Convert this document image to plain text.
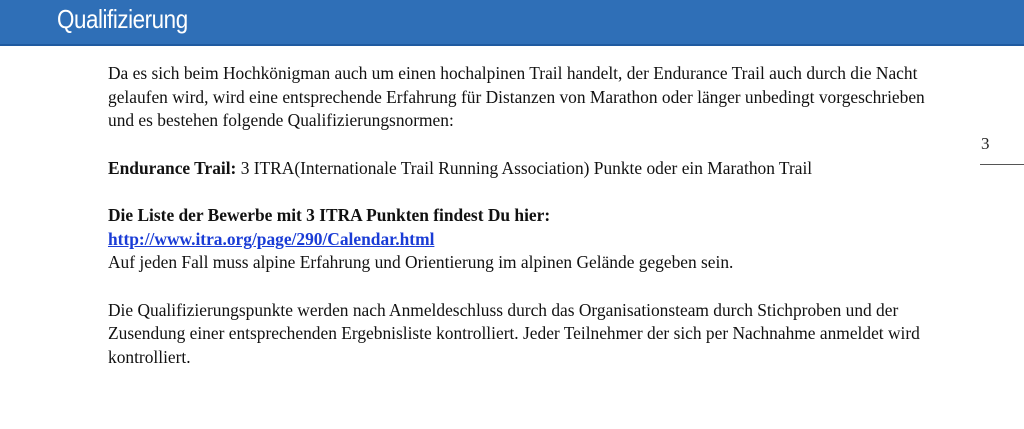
Qualifizierung
3

Da es sich beim Hochkönigman auch um einen hochalpinen Trail handelt, der Endurance Trail auch durch die Nacht gelaufen wird, wird eine entsprechende Erfahrung für Distanzen von Marathon oder länger unbedingt vorgeschrieben und es bestehen folgende Qualifizierungsnormen:

Endurance Trail: 3 ITRA(Internationale Trail Running Association) Punkte oder ein Marathon Trail

Die Liste der Bewerbe mit 3 ITRA Punkten findest Du hier:

http://www.itra.org/page/290/Calendar.html

Auf jeden Fall muss alpine Erfahrung und Orientierung im alpinen Gelände gegeben sein.

Die Qualifizierungspunkte werden nach Anmeldeschluss durch das Organisationsteam durch Stichproben und der Zusendung einer entsprechenden Ergebnisliste kontrolliert. Jeder Teilnehmer der sich per Nachnahme anmeldet wird kontrolliert.
